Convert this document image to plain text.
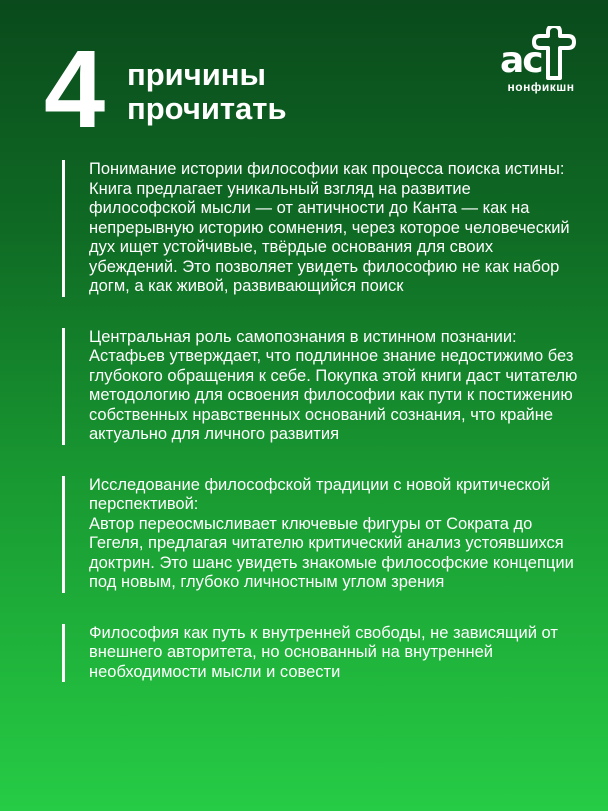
4 причины
прочитать
ac
нонфикшн
Понимание истории философии как процесса поиска истины:
Книга предлагает уникальный взгляд на развитие философской мысли — от античности до Канта — как на непрерывную историю сомнения, через которое человеческий дух ищет устойчивые, твёрдые основания для своих убеждений. Это позволяет увидеть философию не как набор догм, а как живой, развивающийся поиск
Центральная роль самопознания в истинном познании:
Астафьев утверждает, что подлинное знание недостижимо без глубокого обращения к себе. Покупка этой книги даст читателю методологию для освоения философии как пути к постижению собственных нравственных оснований сознания, что крайне актуально для личного развития
Исследование философской традиции с новой критической перспективой:
Автор переосмысливает ключевые фигуры от Сократа до Гегеля, предлагая читателю критический анализ устоявшихся доктрин. Это шанс увидеть знакомые философские концепции под новым, глубоко личностным углом зрения
Философия как путь к внутренней свободы, не зависящий от внешнего авторитета, но основанный на внутренней необходимости мысли и совести
